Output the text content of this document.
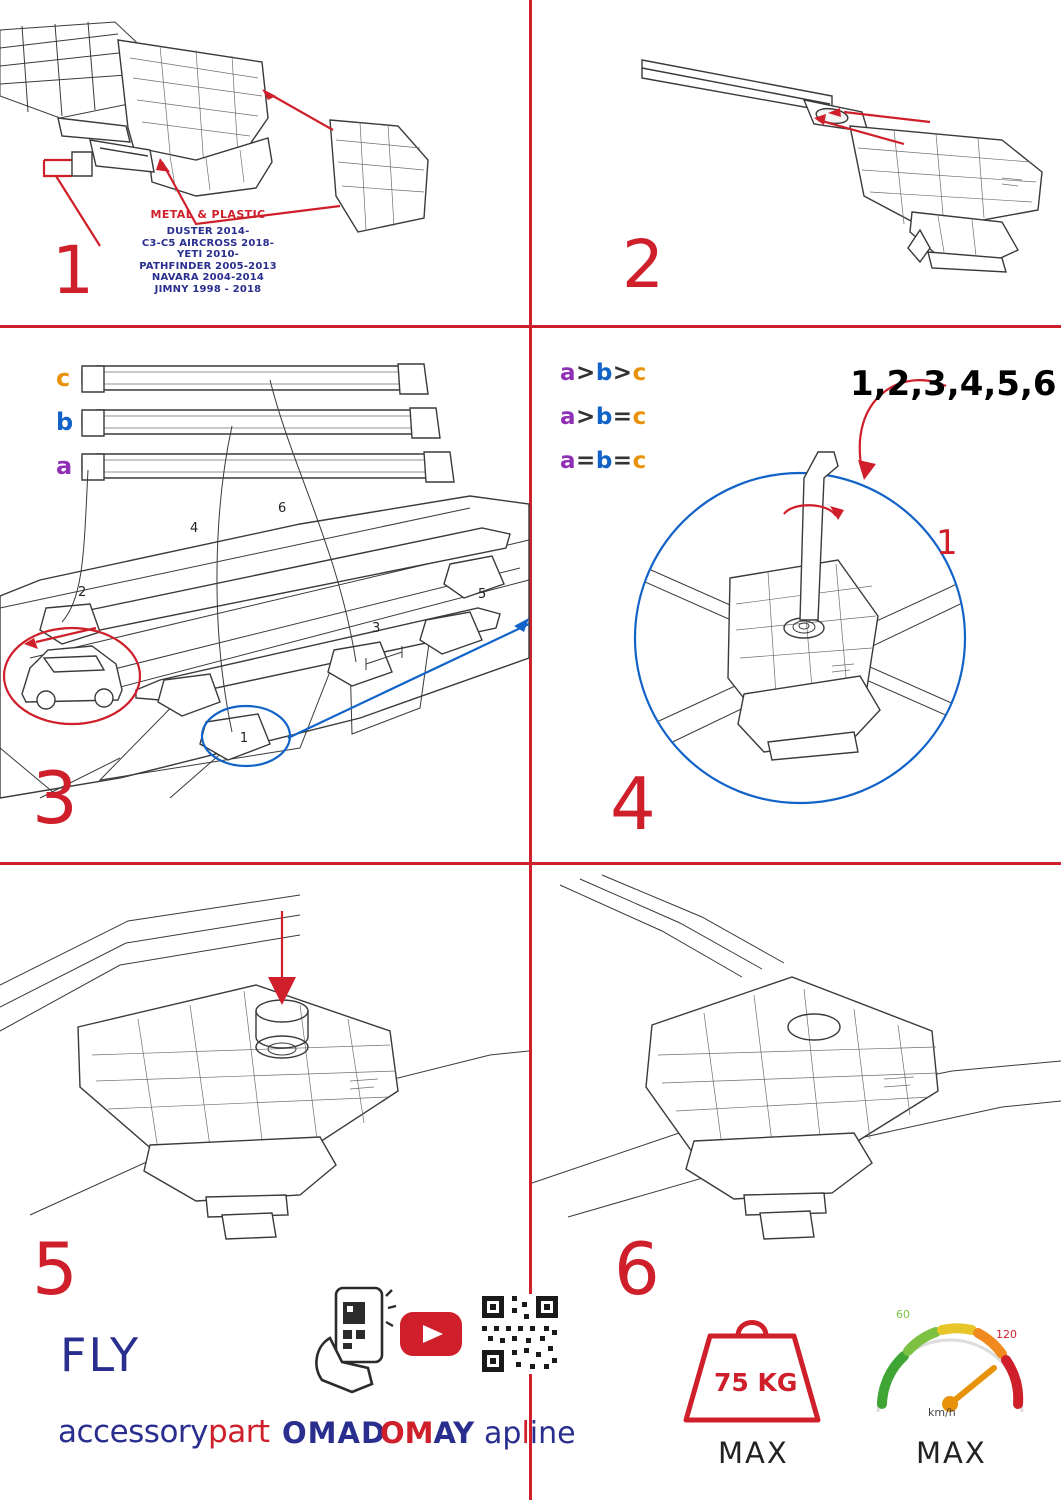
METAL & PLASTIC
DUSTER 2014-
C3-C5 AIRCROSS 2018-
YETI 2010-
PATHFINDER 2005-2013
NAVARA 2004-2014
JIMNY 1998 - 2018
1	2
1
2
3
4
5
6
c
b
a
a>b>c
a>b=c
a=b=c
3
1,2,3,4,5,6
1
4
5	6
FLY
accessorypart OMAD
OMAY apline
75 KG
MAX
60
120
km/h
MAX
